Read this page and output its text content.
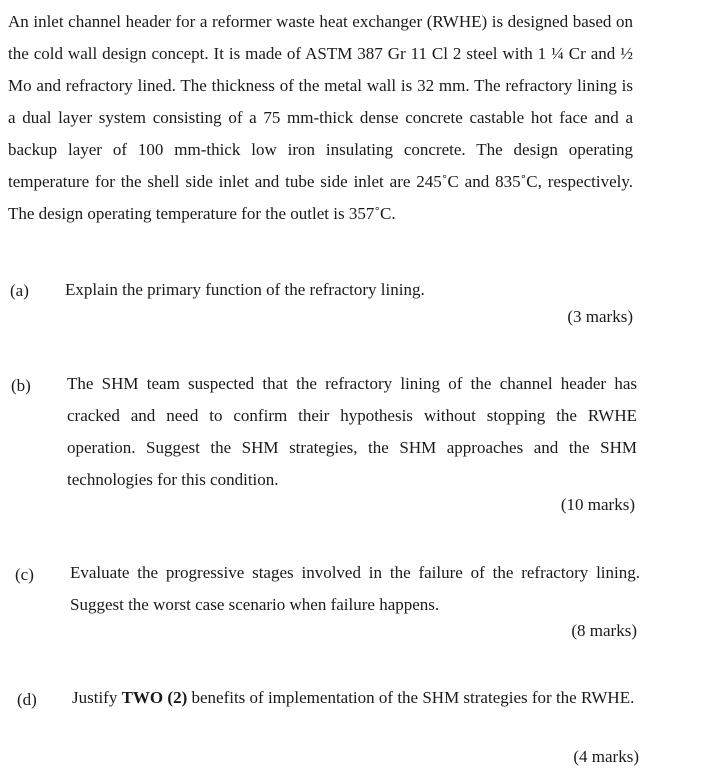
An inlet channel header for a reformer waste heat exchanger (RWHE) is designed based on the cold wall design concept. It is made of ASTM 387 Gr 11 Cl 2 steel with 1 ¼ Cr and ½ Mo and refractory lined. The thickness of the metal wall is 32 mm. The refractory lining is a dual layer system consisting of a 75 mm-thick dense concrete castable hot face and a backup layer of 100 mm-thick low iron insulating concrete. The design operating temperature for the shell side inlet and tube side inlet are 245˚C and 835˚C, respectively. The design operating temperature for the outlet is 357˚C.

(a) Explain the primary function of the refractory lining.

(3 marks)
(b) The SHM team suspected that the refractory lining of the channel header has cracked and need to confirm their hypothesis without stopping the RWHE operation. Suggest the SHM strategies, the SHM approaches and the SHM technologies for this condition.

(10 marks)
(c) Evaluate the progressive stages involved in the failure of the refractory lining. Suggest the worst case scenario when failure happens.

(8 marks)
(d) Justify TWO (2) benefits of implementation of the SHM strategies for the RWHE.

(4 marks)
